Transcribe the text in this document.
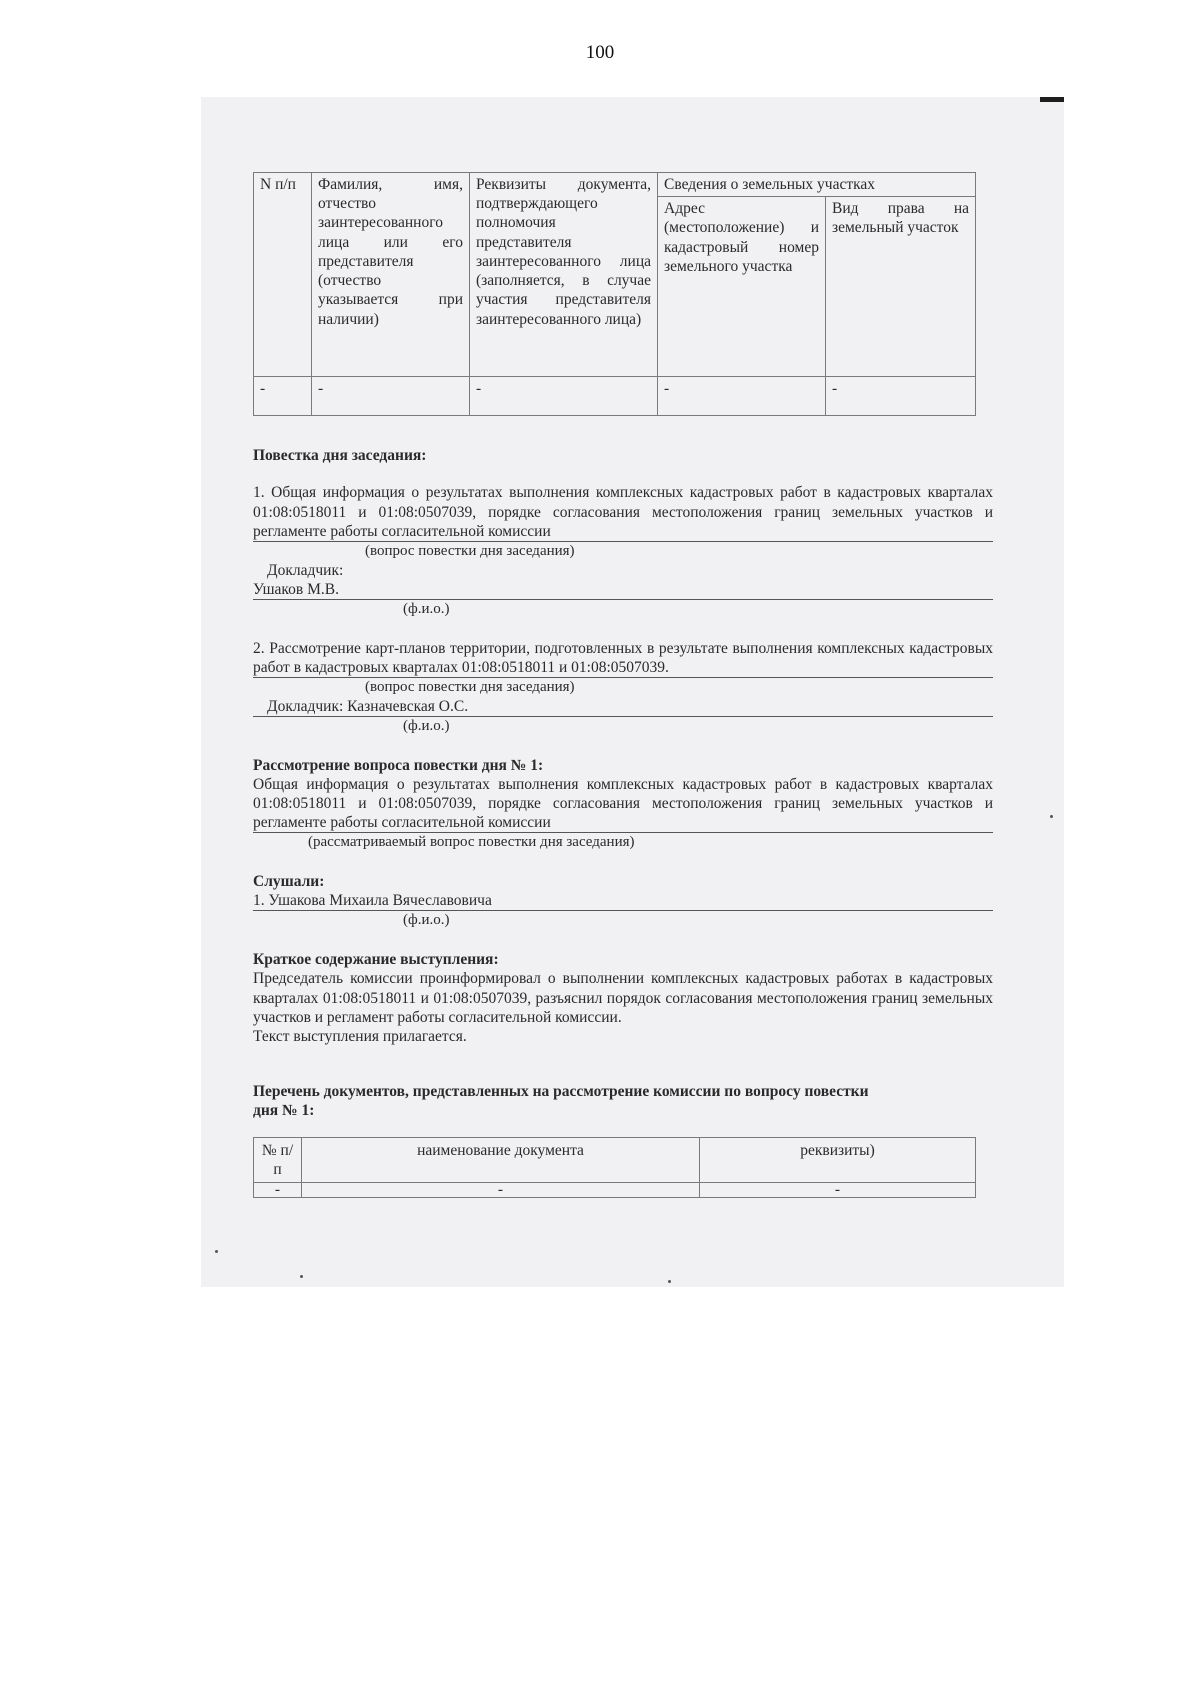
100
N п/п	Фамилия, имя, отчество заинтересованного лица или его представителя (отчество указывается при наличии)	Реквизиты документа, подтверждающего полномочия представителя заинтересованного лица (заполняется, в случае участия представителя заинтересованного лица)	Сведения о земельных участках	
			Адрес (местоположение) и кадастровый номер земельного участка	Вид права на земельный участок
-	-	-	-	-

Повестка дня заседания:

1. Общая информация о результатах выполнения комплексных кадастровых работ в кадастровых кварталах 01:08:0518011 и 01:08:0507039, порядке согласования местоположения границ земельных участков и регламенте работы согласительной комиссии

(вопрос повестки дня заседания)

Докладчик:

Ушаков М.В.

(ф.и.о.)

2. Рассмотрение карт-планов территории, подготовленных в результате выполнения комплексных кадастровых работ в кадастровых кварталах 01:08:0518011 и 01:08:0507039.

(вопрос повестки дня заседания)

Докладчик: Казначевская О.С.

(ф.и.о.)

Рассмотрение вопроса повестки дня № 1:

Общая информация о результатах выполнения комплексных кадастровых работ в кадастровых кварталах 01:08:0518011 и 01:08:0507039, порядке согласования местоположения границ земельных участков и регламенте работы согласительной комиссии

(рассматриваемый вопрос повестки дня заседания)

Слушали:

1. Ушакова Михаила Вячеславовича

(ф.и.о.)

Краткое содержание выступления:

Председатель комиссии проинформировал о выполнении комплексных кадастровых работах в кадастровых кварталах 01:08:0518011 и 01:08:0507039, разъяснил порядок согласования местоположения границ земельных участков и регламент работы согласительной комиссии.

Текст выступления прилагается.

Перечень документов, представленных на рассмотрение комиссии по вопросу повестки дня № 1:

№ п/п	наименование документа	реквизиты)
-	-	-
